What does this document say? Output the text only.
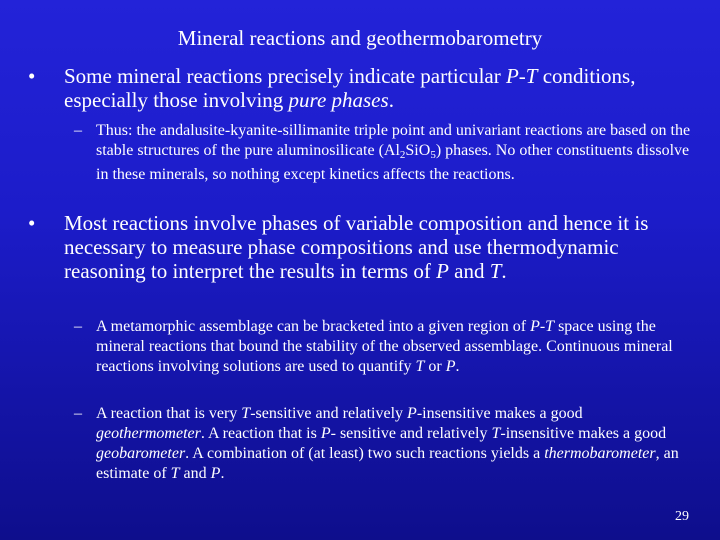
Mineral reactions and geothermobarometry
• Some mineral reactions precisely indicate particular P-T conditions, especially those involving pure phases.
– Thus: the andalusite-kyanite-sillimanite triple point and univariant reactions are based on the stable structures of the pure aluminosilicate $(Al_2SiO_5)$ phases. No other constituents dissolve in these minerals, so nothing except kinetics affects the reactions.
• Most reactions involve phases of variable composition and hence it is necessary to measure phase compositions and use thermodynamic reasoning to interpret the results in terms of P and T.
– A metamorphic assemblage can be bracketed into a given region of P-T space using the mineral reactions that bound the stability of the observed assemblage. Continuous mineral reactions involving solutions are used to quantify T or P.
– A reaction that is very T-sensitive and relatively P-insensitive makes a good geothermometer. A reaction that is P- sensitive and relatively T-insensitive makes a good geobarometer. A combination of (at least) two such reactions yields a thermobarometer, an estimate of T and P.
29
